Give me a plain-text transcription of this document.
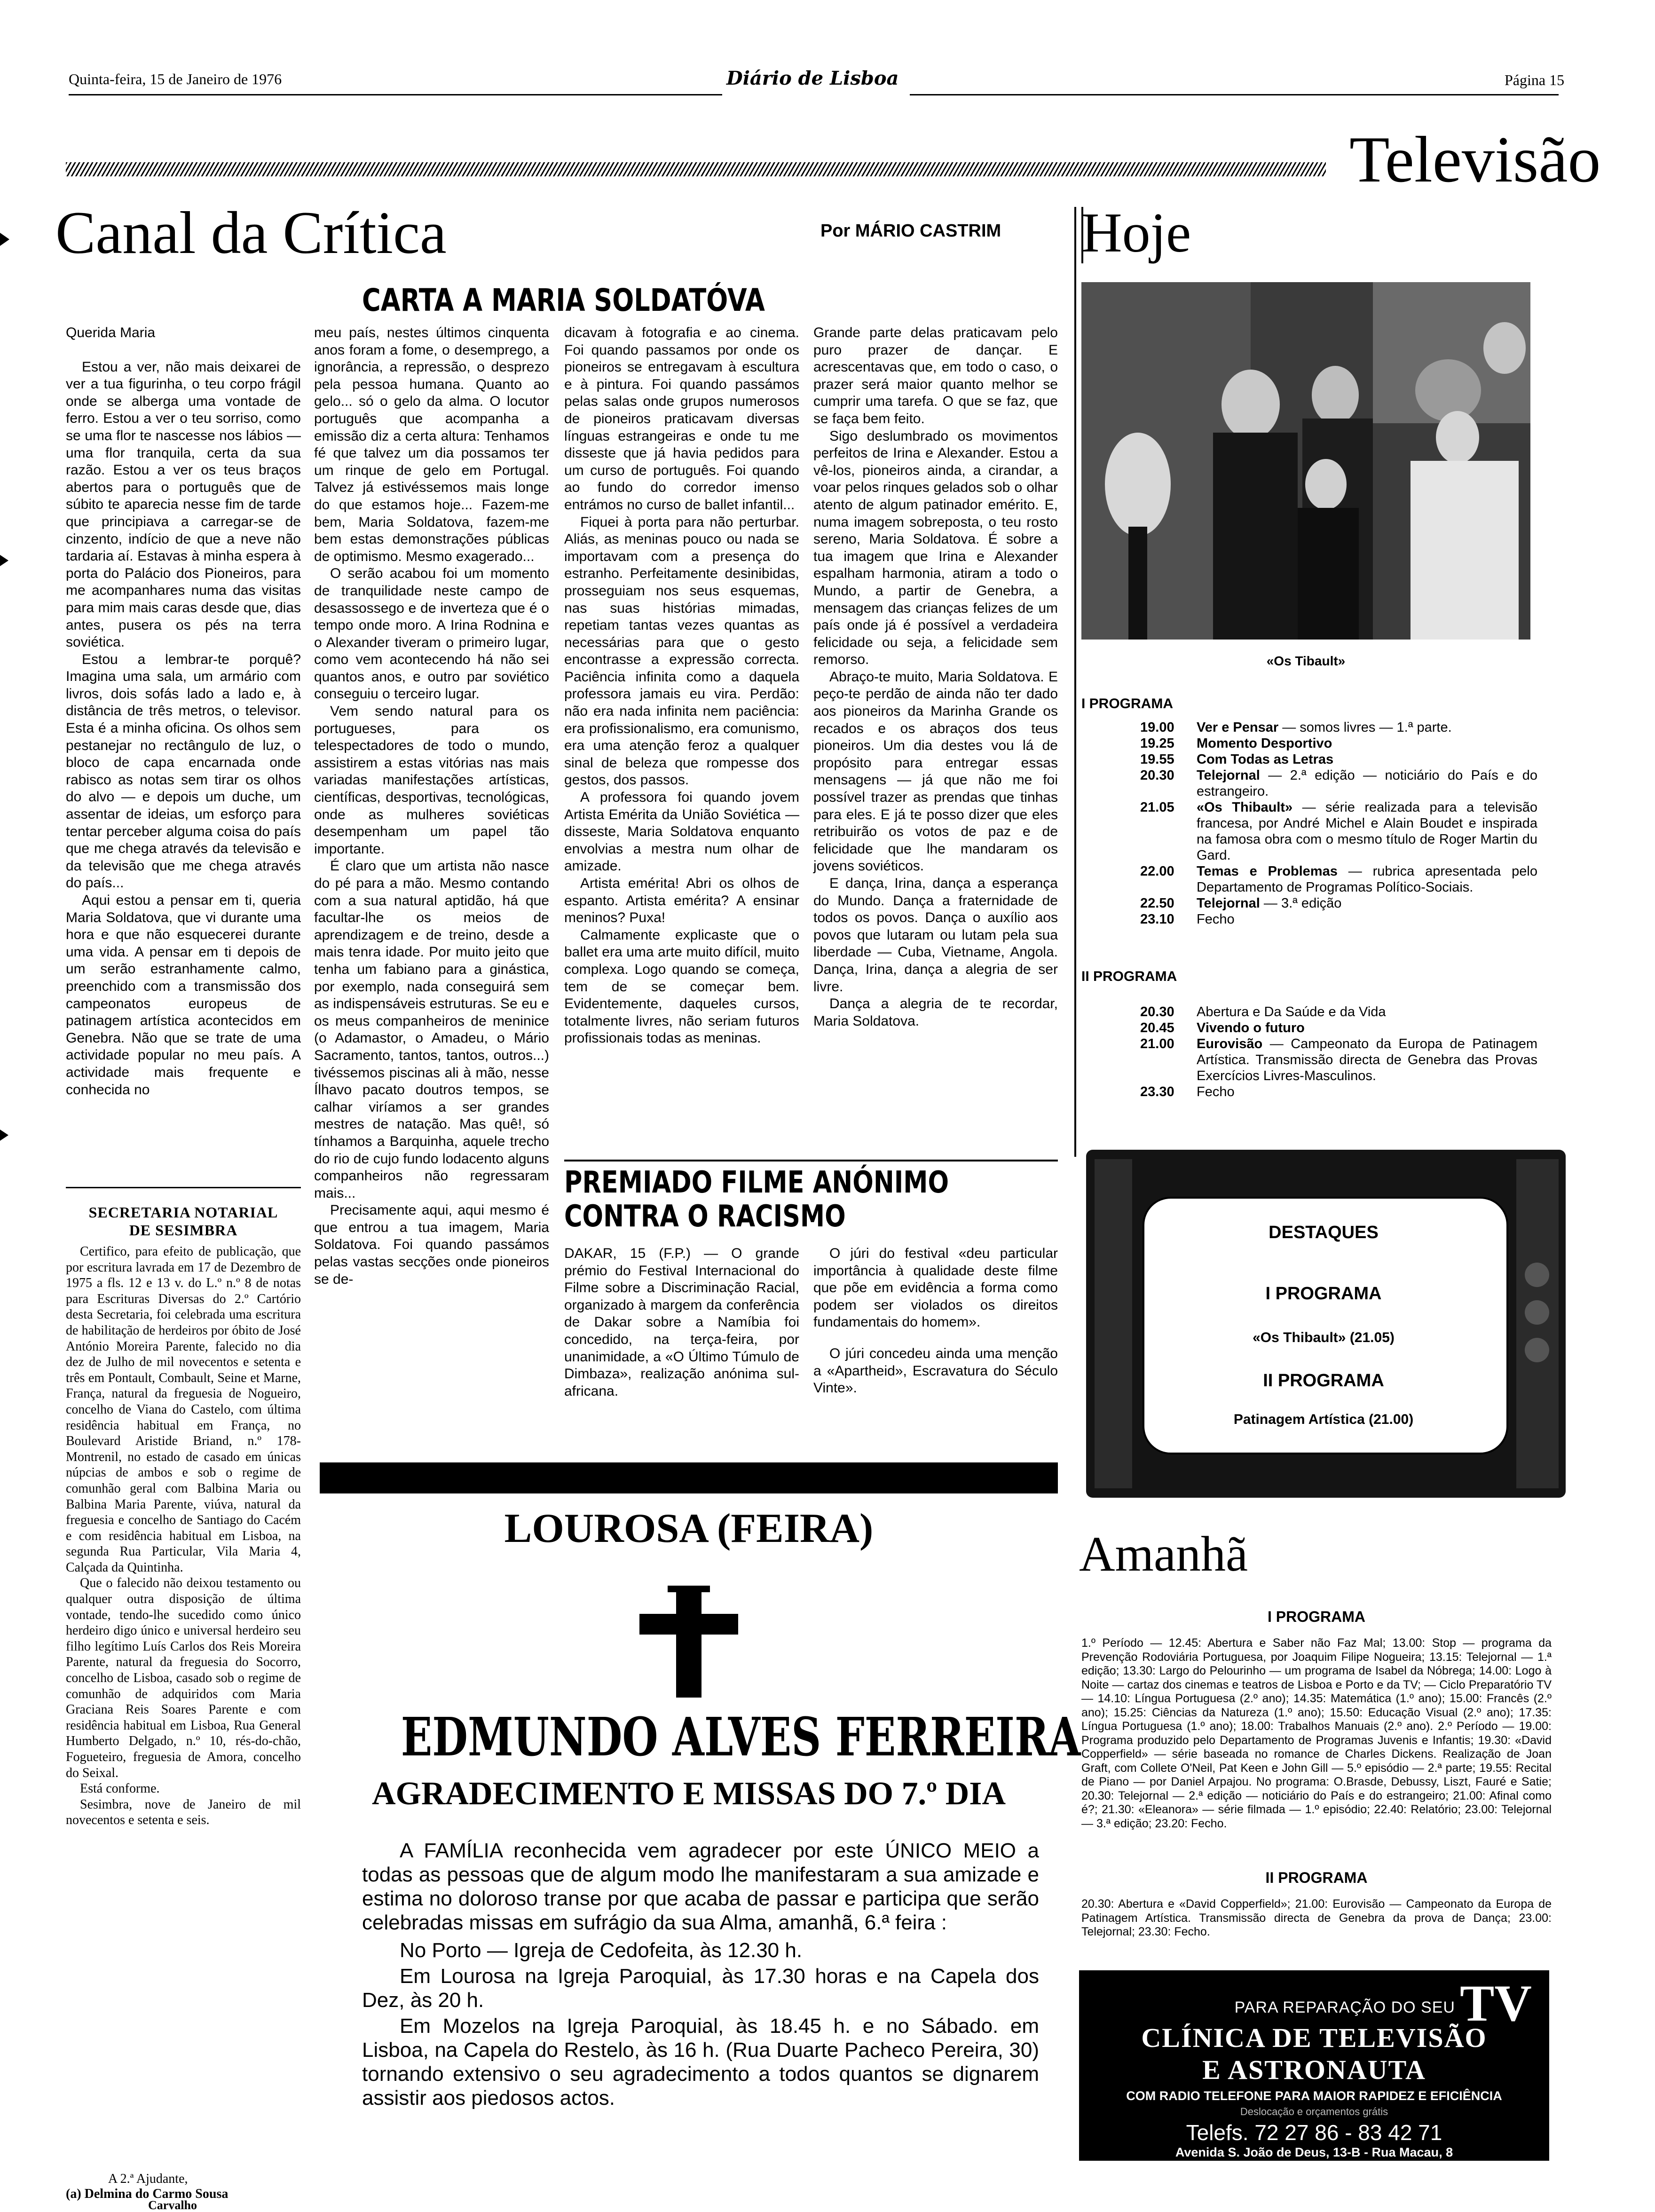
Quinta-feira, 15 de Janeiro de 1976	Diário de Lisboa	Página 15
Televisão
Canal da Crítica	Por MÁRIO CASTRIM
CARTA A MARIA SOLDATÓVA

Querida Maria

Estou a ver, não mais deixarei de ver a tua figurinha, o teu corpo frágil onde se alberga uma vontade de ferro. Estou a ver o teu sorriso, como se uma flor te nascesse nos lábios — uma flor tranquila, certa da sua razão. Estou a ver os teus braços abertos para o português que de súbito te aparecia nesse fim de tarde que principiava a carregar-se de cinzento, indício de que a neve não tardaria aí. Estavas à minha espera à porta do Palácio dos Pioneiros, para me acompanhares numa das visitas para mim mais caras desde que, dias antes, pusera os pés na terra soviética.

Estou a lembrar-te porquê? Imagina uma sala, um armário com livros, dois sofás lado a lado e, à distância de três metros, o televisor. Esta é a minha oficina. Os olhos sem pestanejar no rectângulo de luz, o bloco de capa encarnada onde rabisco as notas sem tirar os olhos do alvo — e depois um duche, um assentar de ideias, um esforço para tentar perceber alguma coisa do país que me chega através da televisão e da televisão que me chega através do país...

Aqui estou a pensar em ti, queria Maria Soldatova, que vi durante uma hora e que não esquecerei durante uma vida. A pensar em ti depois de um serão estranhamente calmo, preenchido com a transmissão dos campeonatos europeus de patinagem artística acontecidos em Genebra. Não que se trate de uma actividade popular no meu país. A actividade mais frequente e conhecida no

meu país, nestes últimos cinquenta anos foram a fome, o desemprego, a ignorância, a repressão, o desprezo pela pessoa humana. Quanto ao gelo... só o gelo da alma. O locutor português que acompanha a emissão diz a certa altura: Tenhamos fé que talvez um dia possamos ter um rinque de gelo em Portugal. Talvez já estivéssemos mais longe do que estamos hoje... Fazem-me bem, Maria Soldatova, fazem-me bem estas demonstrações públicas de optimismo. Mesmo exagerado...

O serão acabou foi um momento de tranquilidade neste campo de desassossego e de inverteza que é o tempo onde moro. A Irina Rodnina e o Alexander tiveram o primeiro lugar, como vem acontecendo há não sei quantos anos, e outro par soviético conseguiu o terceiro lugar.

Vem sendo natural para os portugueses, para os telespectadores de todo o mundo, assistirem a estas vitórias nas mais variadas manifestações artísticas, científicas, desportivas, tecnológicas, onde as mulheres soviéticas desempenham um papel tão importante.

É claro que um artista não nasce do pé para a mão. Mesmo contando com a sua natural aptidão, há que facultar-lhe os meios de aprendizagem e de treino, desde a mais tenra idade. Por muito jeito que tenha um fabiano para a ginástica, por exemplo, nada conseguirá sem as indispensáveis estruturas. Se eu e os meus companheiros de meninice (o Adamastor, o Amadeu, o Mário Sacramento, tantos, tantos, outros...) tivéssemos piscinas ali à mão, nesse Ílhavo pacato doutros tempos, se calhar viríamos a ser grandes mestres de natação. Mas quê!, só tínhamos a Barquinha, aquele trecho do rio de cujo fundo lodacento alguns companheiros não regressaram mais...

Precisamente aqui, aqui mesmo é que entrou a tua imagem, Maria Soldatova. Foi quando passámos pelas vastas secções onde pioneiros se de-

dicavam à fotografia e ao cinema. Foi quando passamos por onde os pioneiros se entregavam à escultura e à pintura. Foi quando passámos pelas salas onde grupos numerosos de pioneiros praticavam diversas línguas estrangeiras e onde tu me disseste que já havia pedidos para um curso de português. Foi quando ao fundo do corredor imenso entrámos no curso de ballet infantil...

Fiquei à porta para não perturbar. Aliás, as meninas pouco ou nada se importavam com a presença do estranho. Perfeitamente desinibidas, prosseguiam nos seus esquemas, nas suas histórias mimadas, repetiam tantas vezes quantas as necessárias para que o gesto encontrasse a expressão correcta. Paciência infinita como a daquela professora jamais eu vira. Perdão: não era nada infinita nem paciência: era profissionalismo, era comunismo, era uma atenção feroz a qualquer sinal de beleza que rompesse dos gestos, dos passos.

A professora foi quando jovem Artista Emérita da União Soviética — disseste, Maria Soldatova enquanto envolvias a mestra num olhar de amizade.

Artista emérita! Abri os olhos de espanto. Artista emérita? A ensinar meninos? Puxa!

Calmamente explicaste que o ballet era uma arte muito difícil, muito complexa. Logo quando se começa, tem de se começar bem. Evidentemente, daqueles cursos, totalmente livres, não seriam futuros profissionais todas as meninas.

Grande parte delas praticavam pelo puro prazer de dançar. E acrescentavas que, em todo o caso, o prazer será maior quanto melhor se cumprir uma tarefa. O que se faz, que se faça bem feito.

Sigo deslumbrado os movimentos perfeitos de Irina e Alexander. Estou a vê-los, pioneiros ainda, a cirandar, a voar pelos rinques gelados sob o olhar atento de algum patinador emérito. E, numa imagem sobreposta, o teu rosto sereno, Maria Soldatova. É sobre a tua imagem que Irina e Alexander espalham harmonia, atiram a todo o Mundo, a partir de Genebra, a mensagem das crianças felizes de um país onde já é possível a verdadeira felicidade ou seja, a felicidade sem remorso.

Abraço-te muito, Maria Soldatova. E peço-te perdão de ainda não ter dado aos pioneiros da Marinha Grande os recados e os abraços dos teus pioneiros. Um dia destes vou lá de propósito para entregar essas mensagens — já que não me foi possível trazer as prendas que tinhas para eles. E já te posso dizer que eles retribuirão os votos de paz e de felicidade que lhe mandaram os jovens soviéticos.

E dança, Irina, dança a esperança do Mundo. Dança a fraternidade de todos os povos. Dança o auxílio aos povos que lutaram ou lutam pela sua liberdade — Cuba, Vietname, Angola. Dança, Irina, dança a alegria de ser livre.

Dança a alegria de te recordar, Maria Soldatova.

PREMIADO FILME ANÓNIMO
CONTRA O RACISMO

DAKAR, 15 (F.P.) — O grande prémio do Festival Internacional do Filme sobre a Discriminação Racial, organizado à margem da conferência de Dakar sobre a Namíbia foi concedido, na terça-feira, por unanimidade, a «O Último Túmulo de Dimbaza», realização anónima sul-africana.

O júri do festival «deu particular importância à qualidade deste filme que põe em evidência a forma como podem ser violados os direitos fundamentais do homem».

O júri concedeu ainda uma menção a «Apartheid», Escravatura do Século Vinte».

SECRETARIA NOTARIAL
DE SESIMBRA

Certifico, para efeito de publicação, que por escritura lavrada em 17 de Dezembro de 1975 a fls. 12 e 13 v. do L.º n.º 8 de notas para Escrituras Diversas do 2.º Cartório desta Secretaria, foi celebrada uma escritura de habilitação de herdeiros por óbito de José António Moreira Parente, falecido no dia dez de Julho de mil novecentos e setenta e três em Pontault, Combault, Seine et Marne, França, natural da freguesia de Nogueiro, concelho de Viana do Castelo, com última residência habitual em França, no Boulevard Aristide Briand, n.º 178-Montrenil, no estado de casado em únicas núpcias de ambos e sob o regime de comunhão geral com Balbina Maria ou Balbina Maria Parente, viúva, natural da freguesia e concelho de Santiago do Cacém e com residência habitual em Lisboa, na segunda Rua Particular, Vila Maria 4, Calçada da Quintinha.

Que o falecido não deixou testamento ou qualquer outra disposição de última vontade, tendo-lhe sucedido como único herdeiro digo único e universal herdeiro seu filho legítimo Luís Carlos dos Reis Moreira Parente, natural da freguesia do Socorro, concelho de Lisboa, casado sob o regime de comunhão de adquiridos com Maria Graciana Reis Soares Parente e com residência habitual em Lisboa, Rua General Humberto Delgado, n.º 10, rés-do-chão, Fogueteiro, freguesia de Amora, concelho do Seixal.

Está conforme.

Sesimbra, nove de Janeiro de mil novecentos e setenta e seis.

A 2.ª Ajudante,
(a) Delmina do Carmo Sousa
Carvalho
LOUROSA (FEIRA)
EDMUNDO ALVES FERREIRA
AGRADECIMENTO E MISSAS DO 7.º DIA

A FAMÍLIA reconhecida vem agradecer por este ÚNICO MEIO a todas as pessoas que de algum modo lhe manifestaram a sua amizade e estima no doloroso transe por que acaba de passar e participa que serão celebradas missas em sufrágio da sua Alma, amanhã, 6.ª feira :

No Porto — Igreja de Cedofeita, às 12.30 h.

Em Lourosa na Igreja Paroquial, às 17.30 horas e na Capela dos Dez, às 20 h.

Em Mozelos na Igreja Paroquial, às 18.45 h. e no Sábado. em Lisboa, na Capela do Restelo, às 16 h. (Rua Duarte Pacheco Pereira, 30) tornando extensivo o seu agradecimento a todos quantos se dignarem assistir aos piedosos actos.

Hoje
«Os Tibault»
I PROGRAMA
19.00	Ver e Pensar — somos livres — 1.ª parte.
19.25	Momento Desportivo
19.55	Com Todas as Letras
20.30	Telejornal — 2.ª edição — noticiário do País e do estrangeiro.
21.05	«Os Thibault» — série realizada para a televisão francesa, por André Michel e Alain Boudet e inspirada na famosa obra com o mesmo título de Roger Martin du Gard.
22.00	Temas e Problemas — rubrica apresentada pelo Departamento de Programas Político-Sociais.
22.50	Telejornal — 3.ª edição
23.10	Fecho
II PROGRAMA
20.30	Abertura e Da Saúde e da Vida
20.45	Vivendo o futuro
21.00	Eurovisão — Campeonato da Europa de Patinagem Artística. Transmissão directa de Genebra das Provas Exercícios Livres-Masculinos.
23.30	Fecho
DESTAQUES
I PROGRAMA
«Os Thibault» (21.05)
II PROGRAMA
Patinagem Artística (21.00)
Amanhã
I PROGRAMA
1.º Período — 12.45: Abertura e Saber não Faz Mal; 13.00: Stop — programa da Prevenção Rodoviária Portuguesa, por Joaquim Filipe Nogueira; 13.15: Telejornal — 1.ª edição; 13.30: Largo do Pelourinho — um programa de Isabel da Nóbrega; 14.00: Logo à Noite — cartaz dos cinemas e teatros de Lisboa e Porto e da TV; — Ciclo Preparatório TV — 14.10: Língua Portuguesa (2.º ano); 14.35: Matemática (1.º ano); 15.00: Francês (2.º ano); 15.25: Ciências da Natureza (1.º ano); 15.50: Educação Visual (2.º ano); 17.35: Língua Portuguesa (1.º ano); 18.00: Trabalhos Manuais (2.º ano). 2.º Período — 19.00: Programa produzido pelo Departamento de Programas Juvenis e Infantis; 19.30: «David Copperfield» — série baseada no romance de Charles Dickens. Realização de Joan Graft, com Collete O'Neil, Pat Keen e John Gill — 5.º episódio — 2.ª parte; 19.55: Recital de Piano — por Daniel Arpajou. No programa: O.Brasde, Debussy, Liszt, Fauré e Satie; 20.30: Telejornal — 2.ª edição — noticiário do País e do estrangeiro; 21.00: Afinal como é?; 21.30: «Eleanora» — série filmada — 1.º episódio; 22.40: Relatório; 23.00: Telejornal — 3.ª edição; 23.20: Fecho.
II PROGRAMA
20.30: Abertura e «David Copperfield»; 21.00: Eurovisão — Campeonato da Europa de Patinagem Artística. Transmissão directa de Genebra da prova de Dança; 23.00: Telejornal; 23.30: Fecho.
PARA REPARAÇÃO DO SEU TV
CLÍNICA DE TELEVISÃO
E ASTRONAUTA
COM RADIO TELEFONE PARA MAIOR RAPIDEZ E EFICIÊNCIA
Deslocação e orçamentos grátis
Telefs. 72 27 86 - 83 42 71
Avenida S. João de Deus, 13-B - Rua Macau, 8
